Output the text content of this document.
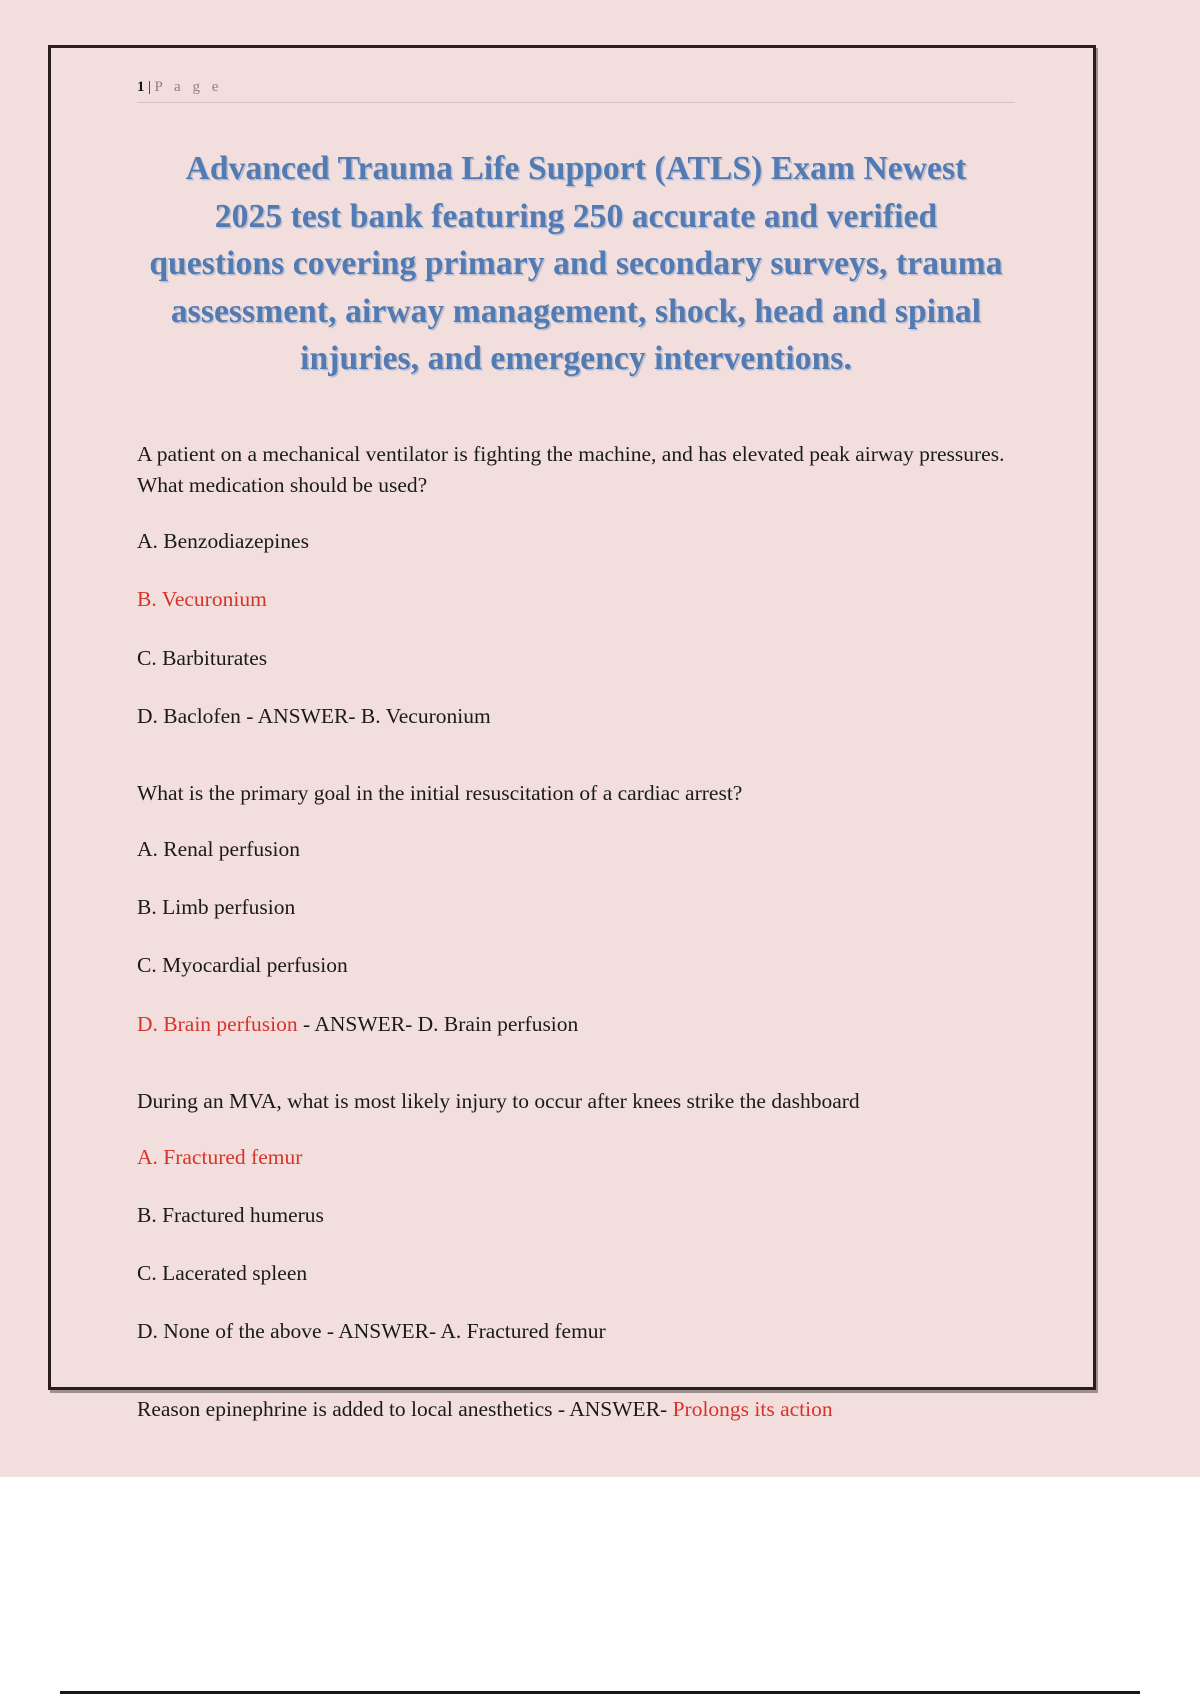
1 | P a g e
Advanced Trauma Life Support (ATLS) Exam Newest 2025 test bank featuring 250 accurate and verified questions covering primary and secondary surveys, trauma assessment, airway management, shock, head and spinal injuries, and emergency interventions.

A patient on a mechanical ventilator is fighting the machine, and has elevated peak airway pressures. What medication should be used?

A. Benzodiazepines

B. Vecuronium

C. Barbiturates

D. Baclofen - ANSWER- B. Vecuronium

What is the primary goal in the initial resuscitation of a cardiac arrest?

A. Renal perfusion

B. Limb perfusion

C. Myocardial perfusion

D. Brain perfusion - ANSWER- D. Brain perfusion

During an MVA, what is most likely injury to occur after knees strike the dashboard

A. Fractured femur

B. Fractured humerus

C. Lacerated spleen

D. None of the above - ANSWER- A. Fractured femur

Reason epinephrine is added to local anesthetics - ANSWER- Prolongs its action
